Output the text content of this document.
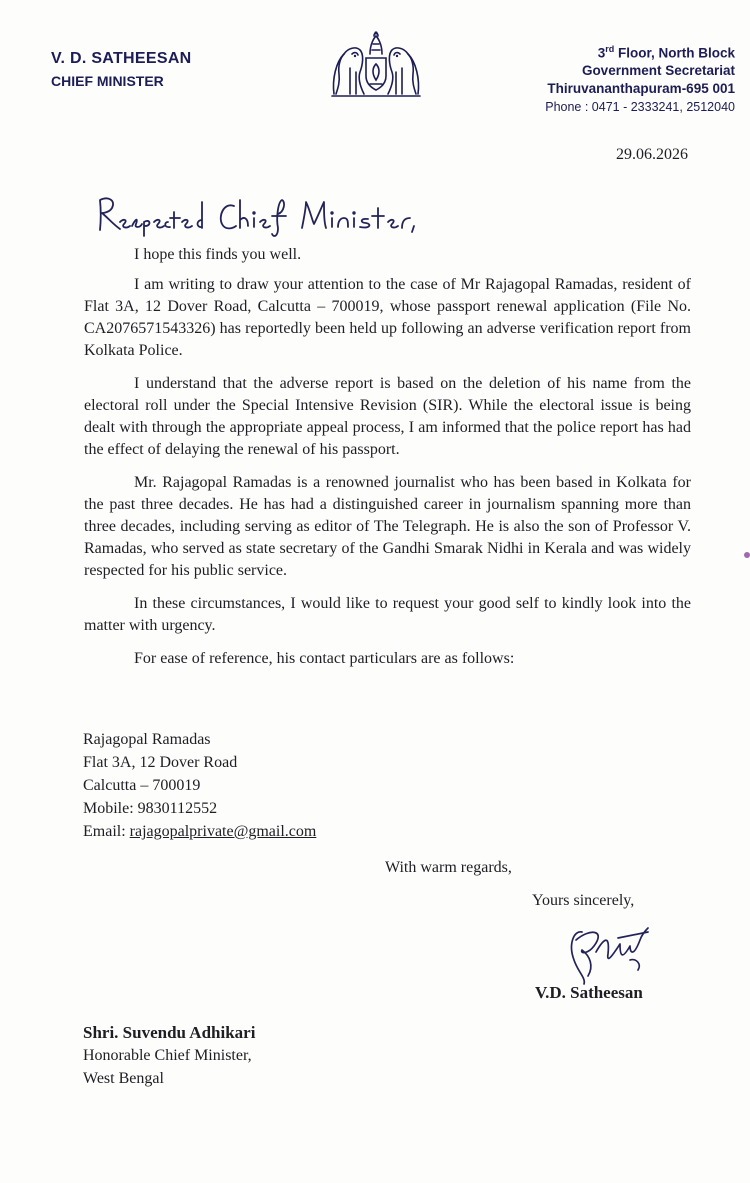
V. D. SATHEESAN
CHIEF MINISTER
3rd Floor, North Block
Government Secretariat
Thiruvananthapuram-695 001
Phone : 0471 - 2333241, 2512040
29.06.2026

I hope this finds you well.

I am writing to draw your attention to the case of Mr Rajagopal Ramadas, resident of Flat 3A, 12 Dover Road, Calcutta – 700019, whose passport renewal application (File No. CA2076571543326) has reportedly been held up following an adverse verification report from Kolkata Police.

I understand that the adverse report is based on the deletion of his name from the electoral roll under the Special Intensive Revision (SIR). While the electoral issue is being dealt with through the appropriate appeal process, I am informed that the police report has had the effect of delaying the renewal of his passport.

Mr. Rajagopal Ramadas is a renowned journalist who has been based in Kolkata for the past three decades. He has had a distinguished career in journalism spanning more than three decades, including serving as editor of The Telegraph. He is also the son of Professor V. Ramadas, who served as state secretary of the Gandhi Smarak Nidhi in Kerala and was widely respected for his public service.

In these circumstances, I would like to request your good self to kindly look into the matter with urgency.

For ease of reference, his contact particulars are as follows:

Rajagopal Ramadas
Flat 3A, 12 Dover Road
Calcutta – 700019
Mobile: 9830112552
Email: rajagopalprivate@gmail.com
With warm regards,
Yours sincerely,
V.D. Satheesan
Shri. Suvendu Adhikari
Honorable Chief Minister,
West Bengal
